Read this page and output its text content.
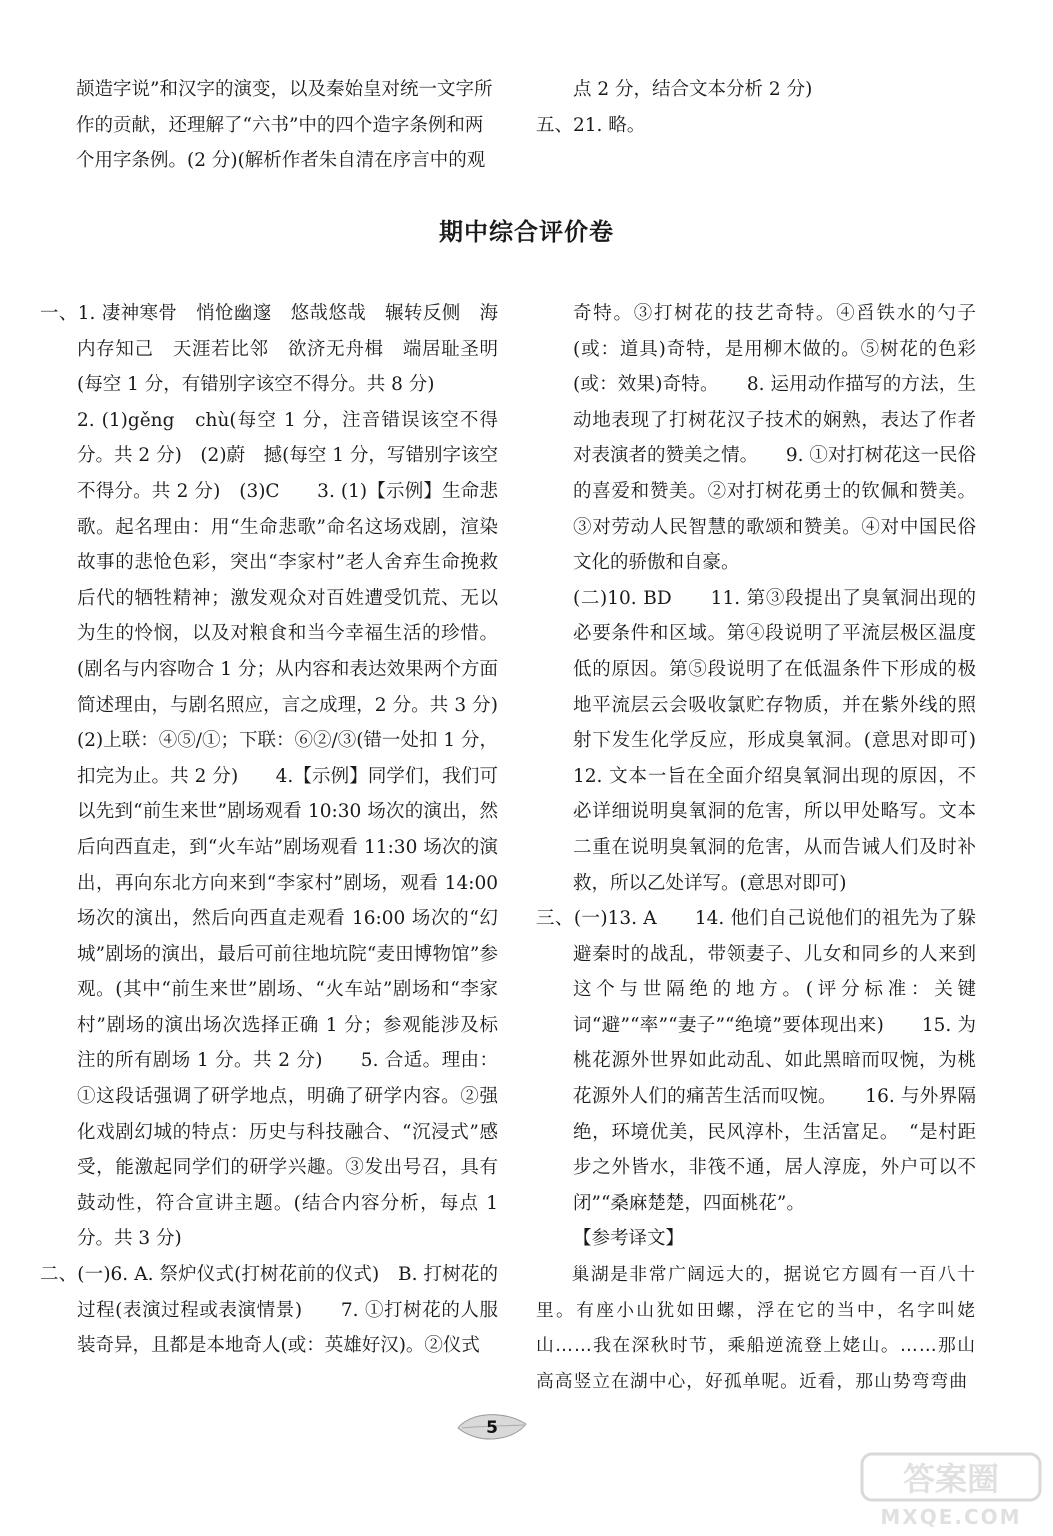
颉造字说”和汉字的演变，以及秦始皇对统一文字所

作的贡献，还理解了“六书”中的四个造字条例和两

个用字条例。(2 分)(解析作者朱自清在序言中的观

点 2 分，结合文本分析 2 分)

五、21. 略。

期中综合评价卷

一、1. 凄神寒骨　悄怆幽邃　悠哉悠哉　辗转反侧　海内存知己　天涯若比邻　欲济无舟楫　端居耻圣明(每空 1 分，有错别字该空不得分。共 8 分)

2. (1)gěng　chù(每空 1 分，注音错误该空不得分。共 2 分)　(2)蔚　撼(每空 1 分，写错别字该空不得分。共 2 分)　(3)C　　3. (1)【示例】生命悲歌。起名理由：用“生命悲歌”命名这场戏剧，渲染故事的悲怆色彩，突出“李家村”老人舍弃生命挽救后代的牺牲精神；激发观众对百姓遭受饥荒、无以为生的怜悯，以及对粮食和当今幸福生活的珍惜。(剧名与内容吻合 1 分；从内容和表达效果两个方面简述理由，与剧名照应，言之成理，2 分。共 3 分)　(2)上联：④⑤/①；下联：⑥②/③(错一处扣 1 分，扣完为止。共 2 分)　　4.【示例】同学们，我们可以先到“前生来世”剧场观看 10:30 场次的演出，然后向西直走，到“火车站”剧场观看 11:30 场次的演出，再向东北方向来到“李家村”剧场，观看 14:00 场次的演出，然后向西直走观看 16:00 场次的“幻城”剧场的演出，最后可前往地坑院“麦田博物馆”参观。(其中“前生来世”剧场、“火车站”剧场和“李家村”剧场的演出场次选择正确 1 分；参观能涉及标注的所有剧场 1 分。共 2 分)　　5. 合适。理由：①这段话强调了研学地点，明确了研学内容。②强化戏剧幻城的特点：历史与科技融合、“沉浸式”感受，能激起同学们的研学兴趣。③发出号召，具有鼓动性，符合宣讲主题。(结合内容分析，每点 1 分。共 3 分)

二、(一)6. A. 祭炉仪式(打树花前的仪式)　B. 打树花的过程(表演过程或表演情景)　　7. ①打树花的人服装奇异，且都是本地奇人(或：英雄好汉)。②仪式

奇特。③打树花的技艺奇特。④舀铁水的勺子(或：道具)奇特，是用柳木做的。⑤树花的色彩(或：效果)奇特。　　8. 运用动作描写的方法，生动地表现了打树花汉子技术的娴熟，表达了作者对表演者的赞美之情。　　9. ①对打树花这一民俗的喜爱和赞美。②对打树花勇士的钦佩和赞美。③对劳动人民智慧的歌颂和赞美。④对中国民俗文化的骄傲和自豪。

(二)10. BD　　11. 第③段提出了臭氧洞出现的必要条件和区域。第④段说明了平流层极区温度低的原因。第⑤段说明了在低温条件下形成的极地平流层云会吸收氯贮存物质，并在紫外线的照射下发生化学反应，形成臭氧洞。(意思对即可)　　12. 文本一旨在全面介绍臭氧洞出现的原因，不必详细说明臭氧洞的危害，所以甲处略写。文本二重在说明臭氧洞的危害，从而告诫人们及时补救，所以乙处详写。(意思对即可)

三、(一)13. A　　14. 他们自己说他们的祖先为了躲避秦时的战乱，带领妻子、儿女和同乡的人来到这个与世隔绝的地方。(评分标准：关键词“避”“率”“妻子”“绝境”要体现出来)　　15. 为桃花源外世界如此动乱、如此黑暗而叹惋，为桃花源外人们的痛苦生活而叹惋。　　16. 与外界隔绝，环境优美，民风淳朴，生活富足。　“是村距步之外皆水，非筏不通，居人淳庞，外户可以不闭”“桑麻楚楚，四面桃花”。

【参考译文】

巢湖是非常广阔远大的，据说它方圆有一百八十里。有座小山犹如田螺，浮在它的当中，名字叫姥山……我在深秋时节，乘船逆流登上姥山。……那山高高竖立在湖中心，好孤单呢。近看，那山势弯弯曲

5
答案圈
MXQE.COM
